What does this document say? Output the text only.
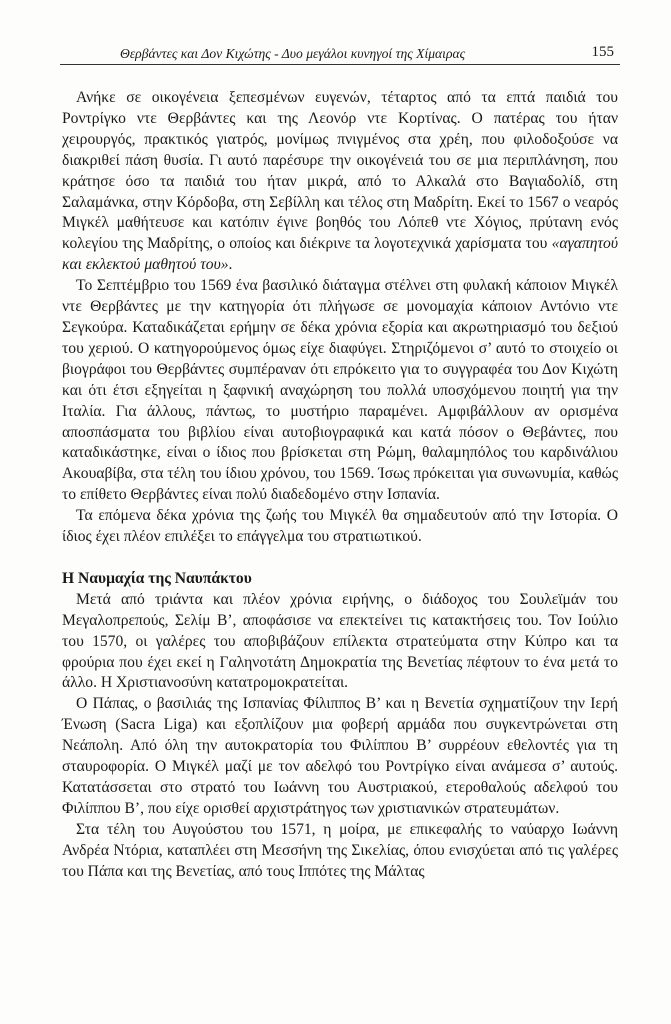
Θερβάντες και Δον Κιχώτης - Δυο μεγάλοι κυνηγοί της Χίμαιρας	155

Ανήκε σε οικογένεια ξεπεσμένων ευγενών, τέταρτος από τα επτά παιδιά του Ροντρίγκο ντε Θερβάντες και της Λεονόρ ντε Κορτίνας. Ο πατέρας του ήταν χειρουργός, πρακτικός γιατρός, μονίμως πνιγμένος στα χρέη, που φιλοδοξούσε να διακριθεί πάση θυσία. Γι αυτό παρέσυρε την οικογένειά του σε μια περιπλάνηση, που κράτησε όσο τα παιδιά του ήταν μικρά, από το Αλκαλά στο Βαγιαδολίδ, στη Σαλαμάνκα, στην Κόρδοβα, στη Σεβίλλη και τέλος στη Μαδρίτη. Εκεί το 1567 ο νεαρός Μιγκέλ μαθήτευσε και κατόπιν έγινε βοηθός του Λόπεθ ντε Χόγιος, πρύτανη ενός κολεγίου της Μαδρίτης, ο οποίος και διέκρινε τα λογοτεχνικά χαρίσματα του «αγαπητού και εκλεκτού μαθητού του».

Το Σεπτέμβριο του 1569 ένα βασιλικό διάταγμα στέλνει στη φυλακή κάποιον Μιγκέλ ντε Θερβάντες με την κατηγορία ότι πλήγωσε σε μονομαχία κάποιον Αντόνιο ντε Σεγκούρα. Καταδικάζεται ερήμην σε δέκα χρόνια εξορία και ακρωτηριασμό του δεξιού του χεριού. Ο κατηγορούμενος όμως είχε διαφύγει. Στηριζόμενοι σ’ αυτό το στοιχείο οι βιογράφοι του Θερβάντες συμπέραναν ότι επρόκειτο για το συγγραφέα του Δον Κιχώτη και ότι έτσι εξηγείται η ξαφνική αναχώρηση του πολλά υποσχόμενου ποιητή για την Ιταλία. Για άλλους, πάντως, το μυστήριο παραμένει. Αμφιβάλλουν αν ορισμένα αποσπάσματα του βιβλίου είναι αυτοβιογραφικά και κατά πόσον ο Θεβάντες, που καταδικάστηκε, είναι ο ίδιος που βρίσκεται στη Ρώμη, θαλαμηπόλος του καρδινάλιου Ακουαβίβα, στα τέλη του ίδιου χρόνου, του 1569. Ίσως πρόκειται για συνωνυμία, καθώς το επίθετο Θερβάντες είναι πολύ διαδεδομένο στην Ισπανία.

Τα επόμενα δέκα χρόνια της ζωής του Μιγκέλ θα σημαδευτούν από την Ιστορία. Ο ίδιος έχει πλέον επιλέξει το επάγγελμα του στρατιωτικού.

Η Ναυμαχία της Ναυπάκτου

Μετά από τριάντα και πλέον χρόνια ειρήνης, ο διάδοχος του Σουλεϊμάν του Μεγαλοπρεπούς, Σελίμ Β’, αποφάσισε να επεκτείνει τις κατακτήσεις του. Τον Ιούλιο του 1570, οι γαλέρες του αποβιβάζουν επίλεκτα στρατεύματα στην Κύπρο και τα φρούρια που έχει εκεί η Γαληνοτάτη Δημοκρατία της Βενετίας πέφτουν το ένα μετά το άλλο. Η Χριστιανοσύνη κατατρομοκρατείται.

Ο Πάπας, ο βασιλιάς της Ισπανίας Φίλιππος Β’ και η Βενετία σχηματίζουν την Ιερή Ένωση (Sacra Liga) και εξοπλίζουν μια φοβερή αρμάδα που συγκεντρώνεται στη Νεάπολη. Από όλη την αυτοκρατορία του Φιλίππου Β’ συρρέουν εθελοντές για τη σταυροφορία. Ο Μιγκέλ μαζί με τον αδελφό του Ροντρίγκο είναι ανάμεσα σ’ αυτούς. Κατατάσσεται στο στρατό του Ιωάννη του Αυστριακού, ετεροθαλούς αδελφού του Φιλίππου Β’, που είχε ορισθεί αρχιστράτηγος των χριστιανικών στρατευμάτων.

Στα τέλη του Αυγούστου του 1571, η μοίρα, με επικεφαλής το ναύαρχο Ιωάννη Ανδρέα Ντόρια, καταπλέει στη Μεσσήνη της Σικελίας, όπου ενισχύεται από τις γαλέρες του Πάπα και της Βενετίας, από τους Ιππότες της Μάλτας
